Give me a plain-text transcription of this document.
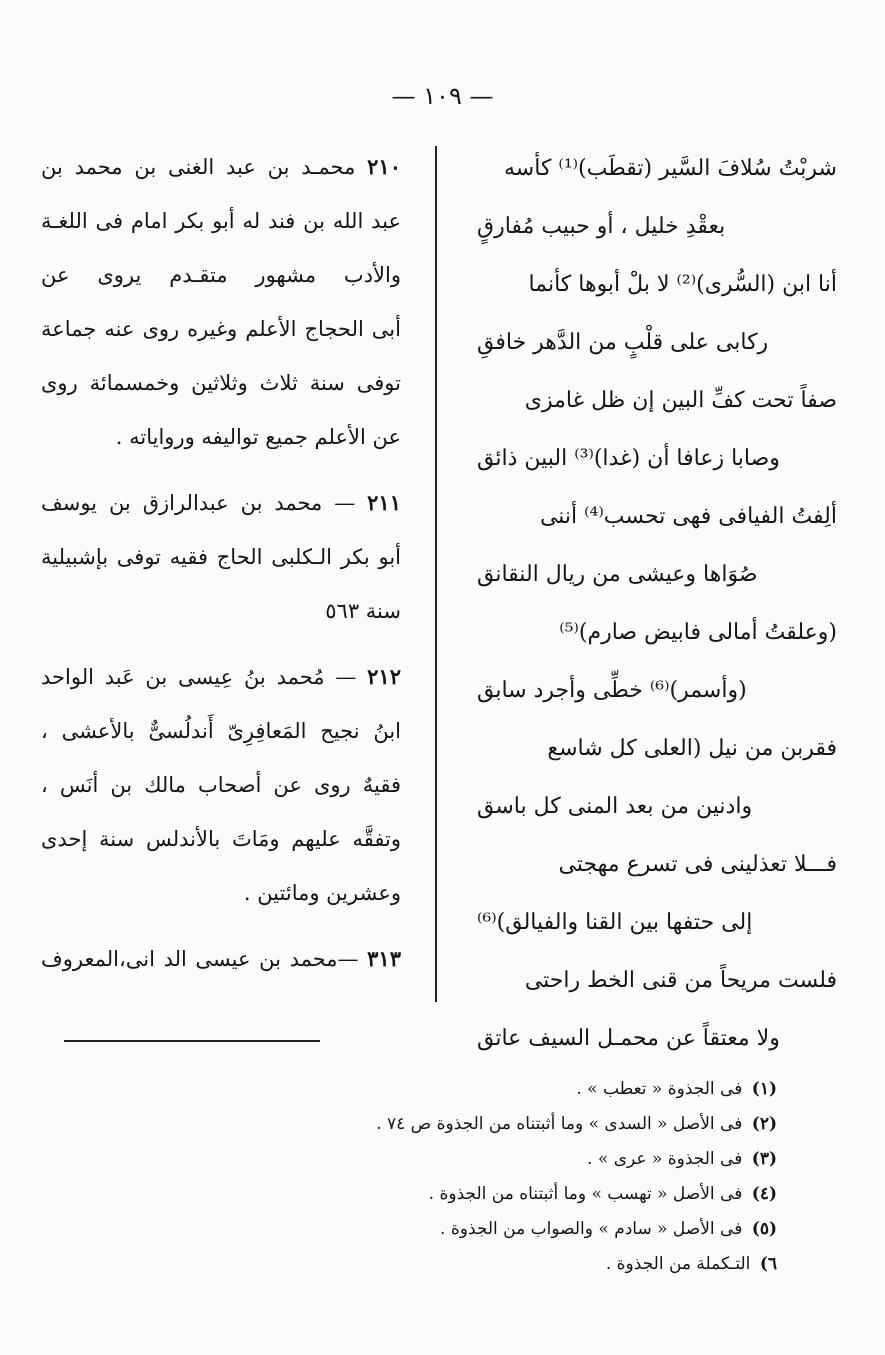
— ١٠٩ —
شربْتُ سُلافَ السَّير (تقطَب)⁽¹⁾ كأسه
بعقْدِ خليل ، أو حبيب مُفارقٍ
أنا ابن (السُّرى)⁽²⁾ لا بلْ أبوها كأنما
ركابى على قلْبٍ من الدَّهر خافقِ
صفاً تحت كفِّ البين إن ظل غامزى
وصابا زعافا أن (غدا)⁽³⁾ البين ذائق
ألِفتُ الفيافى فهى تحسب⁽⁴⁾ أننى
صُوَاها وعيشى من ريال النقانق
(وعلقتُ أمالى فابيض صارم)⁽⁵⁾
(وأسمر)⁽⁶⁾ خطِّى وأجرد سابق
فقربن من نيل (العلى كل شاسع
وادنين من بعد المنى كل باسق
فـــلا تعذلينى فى تسرع مهجتى
إلى حتفها بين القنا والفيالق)⁽⁶⁾
فلست مريحاً من قنى الخط راحتى
ولا معتقاً عن محمـل السيف عاتق
٢١٠ محمـد بن عبد الغنى بن محمد بن
عبد الله بن فند له أبو بكر امام فى اللغـة
والأدب مشهور متقـدم يروى عن
أبى الحجاج الأعلم وغيره روى عنه جماعة
توفى سنة ثلاث وثلاثين وخمسمائة روى
عن الأعلم جميع تواليفه وروایاته .
٢١١ — محمد بن عبدالرازق بن يوسف
أبو بكر الـكلبى الحاج فقيه توفى بإشبيلية
سنة ٥٦٣
٢١٢ — مُحمد بنُ عِيسى بن عَبد الواحد
ابنُ نجيح المَعافِرِىّ أَندلُسىٌّ بالأعشى ،
فقيهٌ روى عن أصحاب مالك بن أنَس ،
وتفقَّه عليهم ومَاتَ بالأندلس سنة إحدى
وعشرين ومائتين .
٣١٣ —محمد بن عيسى الد انى،المعروف
(١) فى الجذوة « تعطب » .
(٢) فى الأصل « السدى » وما أثبتناه من الجذوة ص ٧٤ .
(٣) فى الجذوة « عرى » .
(٤) فى الأصل « تهسب » وما أثبتناه من الجذوة .
(٥) فى الأصل « سادم » والصواب من الجذوة .
٦) التـكملة من الجذوة .
